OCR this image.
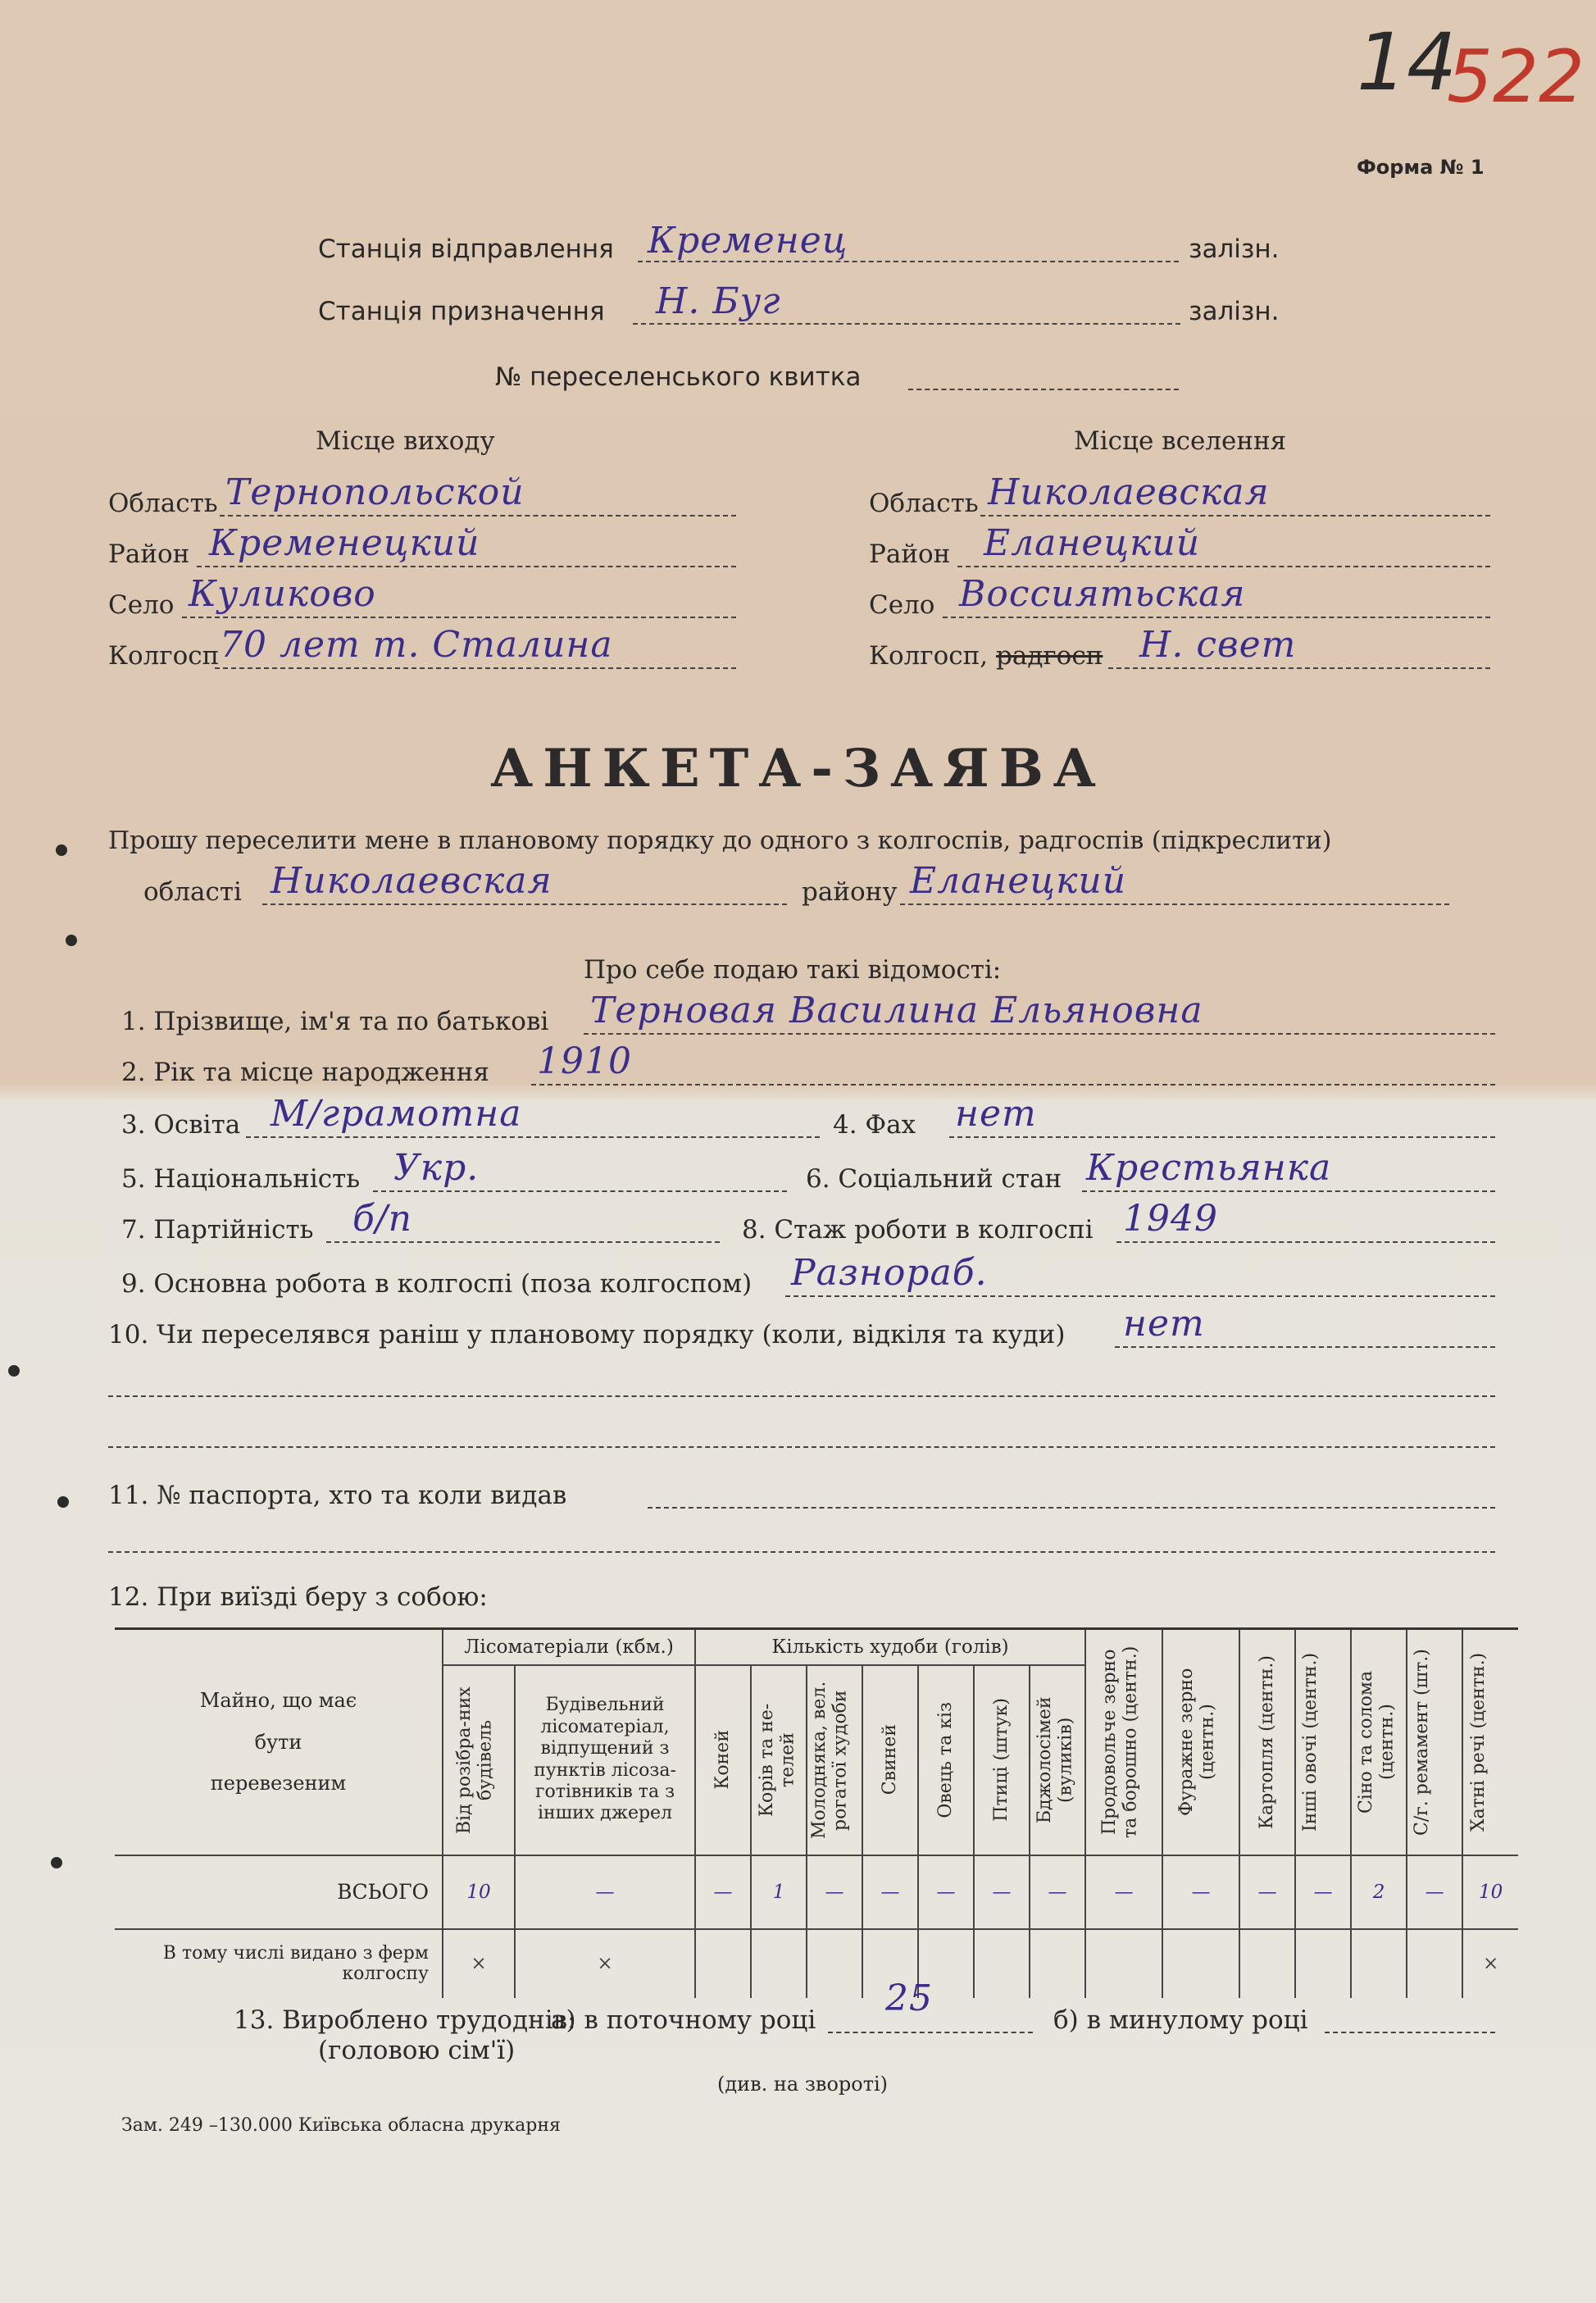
14
522
Форма № 1
Станція відправлення Кременец	залізн.
Станція призначення Н. Буг	залізн.
№ переселенського квитка
Місце виходу	Місце вселення
Область Тернопольской
Район Кременецкий
Село Куликово
Колгосп 70 лет т. Сталина
Область Николаевская
Район Еланецкий
Село Воссиятьская
Колгосп, радгосп Н. свет
АНКЕТА-ЗАЯВА
Прошу переселити мене в плановому порядку до одного з колгоспів, радгоспів (підкреслити)
області Николаевская	району Еланецкий
Про себе подаю такі відомості:
1. Прізвище, ім'я та по батькові Терновая Василина Ельяновна
2. Рік та місце народження 1910
3. Освіта М/грамотна	4. Фах нет
5. Національність Укр.	6. Соціальний стан Крестьянка
7. Партійність б/п	8. Стаж роботи в колгоспі 1949
9. Основна робота в колгоспі (поза колгоспом) Разнораб.
10. Чи переселявся раніш у плановому порядку (коли, відкіля та куди) нет
11. № паспорта, хто та коли видав
12. При виїзді беру з собою:
Майно, що має бути перевезеним	Лісоматеріали (кбм.)		Кількість худоби (голів)							Продовольче зерно та борошно (центн.)	Фуражне зерно (центн.)	Картопля (центн.)	Інші овочі (центн.)	Сіно та солома (центн.)	С/г. ремамент (шт.)	Хатні речі (центн.)

	Від розібра-них будівель	Будівельний лісоматеріал, відпущений з пунктів лісоза-готівників та з інших джерел	Коней	Корів та не-телей	Молодняка, вел. рогатої худоби	Свиней	Овець та кіз	Птиці (штук)	Бджолосімей (вуликів)							

ВСЬОГО	10	—	—	1	—	—	—	—	—	—	—	—	—	2	—	10
В тому числі видано з ферм колгоспу	×	×														×
13. Вироблено трудоднів:
(головою сім'ї)
а) в поточному році
25
б) в минулому році
(див. на звороті)
Зам. 249 –130.000 Київська обласна друкарня
